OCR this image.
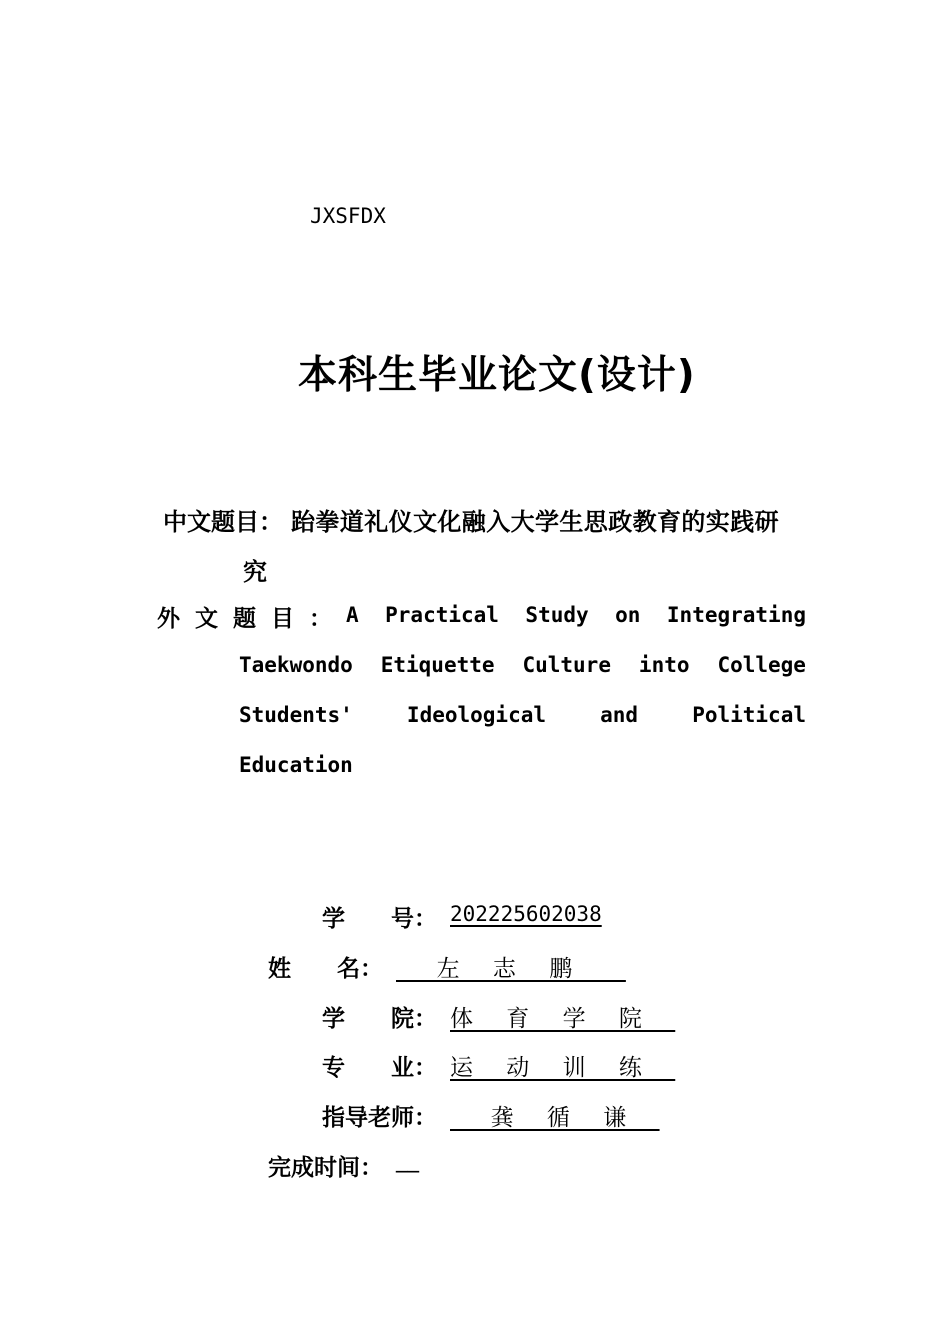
JXSFDX
本科生毕业论文(设计)
中文题目： 跆拳道礼仪文化融入大学生思政教育的实践研
究
外文题目： A Practical Study on Integrating
Taekwondo Etiquette Culture into College
Students'	Ideological	and	Political
Education
学　　号： 202225602038
姓　　名： 左 志 鹏
学　　院： 体 育 学 院
专　　业： 运 动 训 练
指导老师： 龚 循 谦
完成时间： __
